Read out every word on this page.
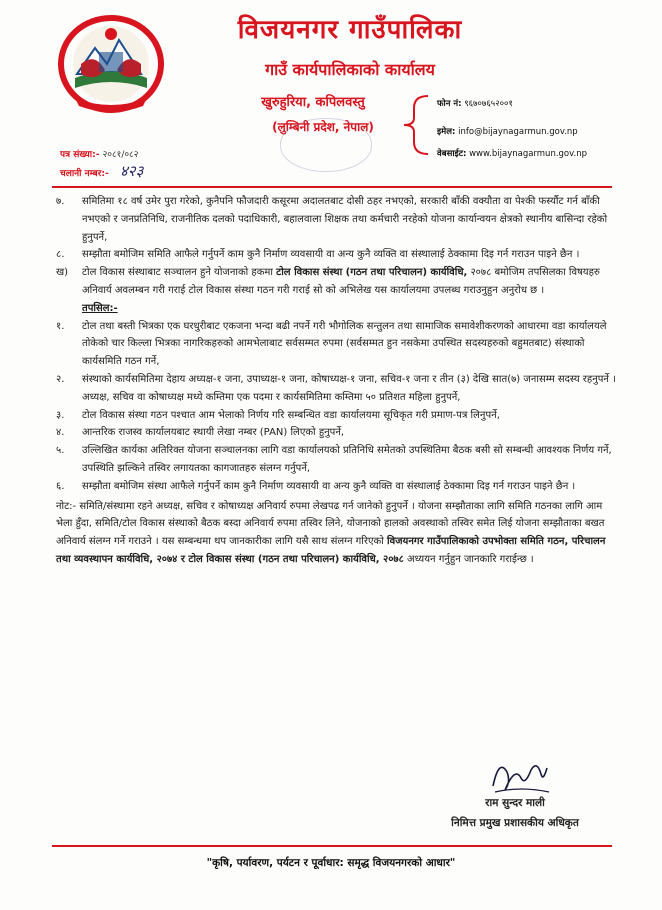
विजयनगर गाउँपालिका
गाउँ कार्यपालिकाको कार्यालय
खुरुहुरिया, कपिलवस्तु
(लुम्बिनी प्रदेश, नेपाल)
फोन नं: ९६७०७६५२००१
इमेल: info@bijaynagarmun.gov.np
वेबसाईट: www.bijaynagarmun.gov.np
पत्र संख्या:- २०८१/०८२
चलानी नम्बर:- ४२३
७.	समितिमा १८ वर्ष उमेर पुरा गरेको, कुनैपनि फौजदारी कसूरमा अदालतबाट दोसी ठहर नभएको, सरकारी बाँकी वक्यौता वा पेश्की फर्स्यौट गर्न बाँकी नभएको र जनप्रतिनिधि, राजनीतिक दलको पदाधिकारी, बहालवाला शिक्षक तथा कर्मचारी नरहेको योजना कार्यान्वयन क्षेत्रको स्थानीय बासिन्दा रहेको हुनुपर्ने,
८.	सम्झौता बमोजिम समिति आफैले गर्नुपर्ने काम कुनै निर्माण व्यवसायी वा अन्य कुनै व्यक्ति वा संस्थालाई ठेक्कामा दिइ गर्न गराउन पाइने छैन ।
ख)	टोल विकास संस्थाबाट सञ्चालन हुने योजनाको हकमा टोल विकास संस्था (गठन तथा परिचालन) कार्यविधि, २०७८ बमोजिम तपसिलका विषयहरु अनिवार्य अवलम्बन गरी गराई टोल विकास संस्था गठन गरी गराई सो को अभिलेख यस कार्यालयमा उपलब्ध गराउनुहुन अनुरोध छ ।
तपसिल:-
१.	टोल तथा बस्ती भित्रका एक घरधुरीबाट एकजना भन्दा बढी नपर्ने गरी भौगोलिक सन्तुलन तथा सामाजिक समावेशीकरणको आधारमा वडा कार्यालयले तोकेको चार किल्ला भित्रका नागरिकहरुको आमभेलाबाट सर्वसम्मत रुपमा (सर्वसम्मत हुन नसकेमा उपस्थित सदस्यहरुको बहुमतबाट) संस्थाको कार्यसमिति गठन गर्ने,
२.	संस्थाको कार्यसमितिमा देहाय अध्यक्ष-१ जना, उपाध्यक्ष-१ जना, कोषाध्यक्ष-१ जना, सचिव-१ जना र तीन (३) देखि सात(७) जनासम्म सदस्य रहनुपर्ने । अध्यक्ष, सचिव वा कोषाध्यक्ष मध्ये कम्तिमा एक पदमा र कार्यसमितिमा कम्तिमा ५० प्रतिशत महिला हुनुपर्ने,
३.	टोल विकास संस्था गठन पश्चात आम भेलाको निर्णय गरि सम्बन्धित वडा कार्यालयमा सूचिकृत गरी प्रमाण-पत्र लिनुपर्ने,
४.	आन्तरिक राजस्व कार्यालयबाट स्थायी लेखा नम्बर (PAN) लिएको हुनुपर्ने,
५.	उल्लिखित कार्यका अतिरिक्त योजना सञ्चालनका लागि वडा कार्यालयको प्रतिनिधि समेतको उपस्थितिमा बैठक बसी सो सम्बन्धी आवश्यक निर्णय गर्ने, उपस्थिति झल्किने तस्विर लगायतका कागजातहरु संलग्न गर्नुपर्ने,
६.	सम्झौता बमोजिम संस्था आफैले गर्नुपर्ने काम कुनै निर्माण व्यवसायी वा अन्य कुनै व्यक्ति वा संस्थालाई ठेक्कामा दिइ गर्न गराउन पाइने छैन ।
नोट:- समिति/संस्थामा रहने अध्यक्ष, सचिव र कोषाध्यक्ष अनिवार्य रुपमा लेखपढ गर्न जानेको हुनुपर्ने । योजना सम्झौताका लागि समिति गठनका लागि आम भेला हुँदा, समिति/टोल विकास संस्थाको बैठक बस्दा अनिवार्य रुपमा तस्विर लिने, योजनाको हालको अवस्थाको तस्विर समेत लिई योजना सम्झौताका बखत अनिवार्य संलग्न गर्ने गराउने । यस सम्बन्धमा थप जानकारीका लागि यसै साथ संलग्न गरिएको विजयनगर गाउँपालिकाको उपभोक्ता समिति गठन, परिचालन तथा व्यवस्थापन कार्यविधि, २०७४ र टोल विकास संस्था (गठन तथा परिचालन) कार्यविधि, २०७८ अध्ययन गर्नुहुन जानकारि गराईन्छ ।
राम सुन्दर माली
निमित्त प्रमुख प्रशासकीय अधिकृत
"कृषि, पर्यावरण, पर्यटन र पूर्वाधार: समृद्ध विजयनगरको आधार"
